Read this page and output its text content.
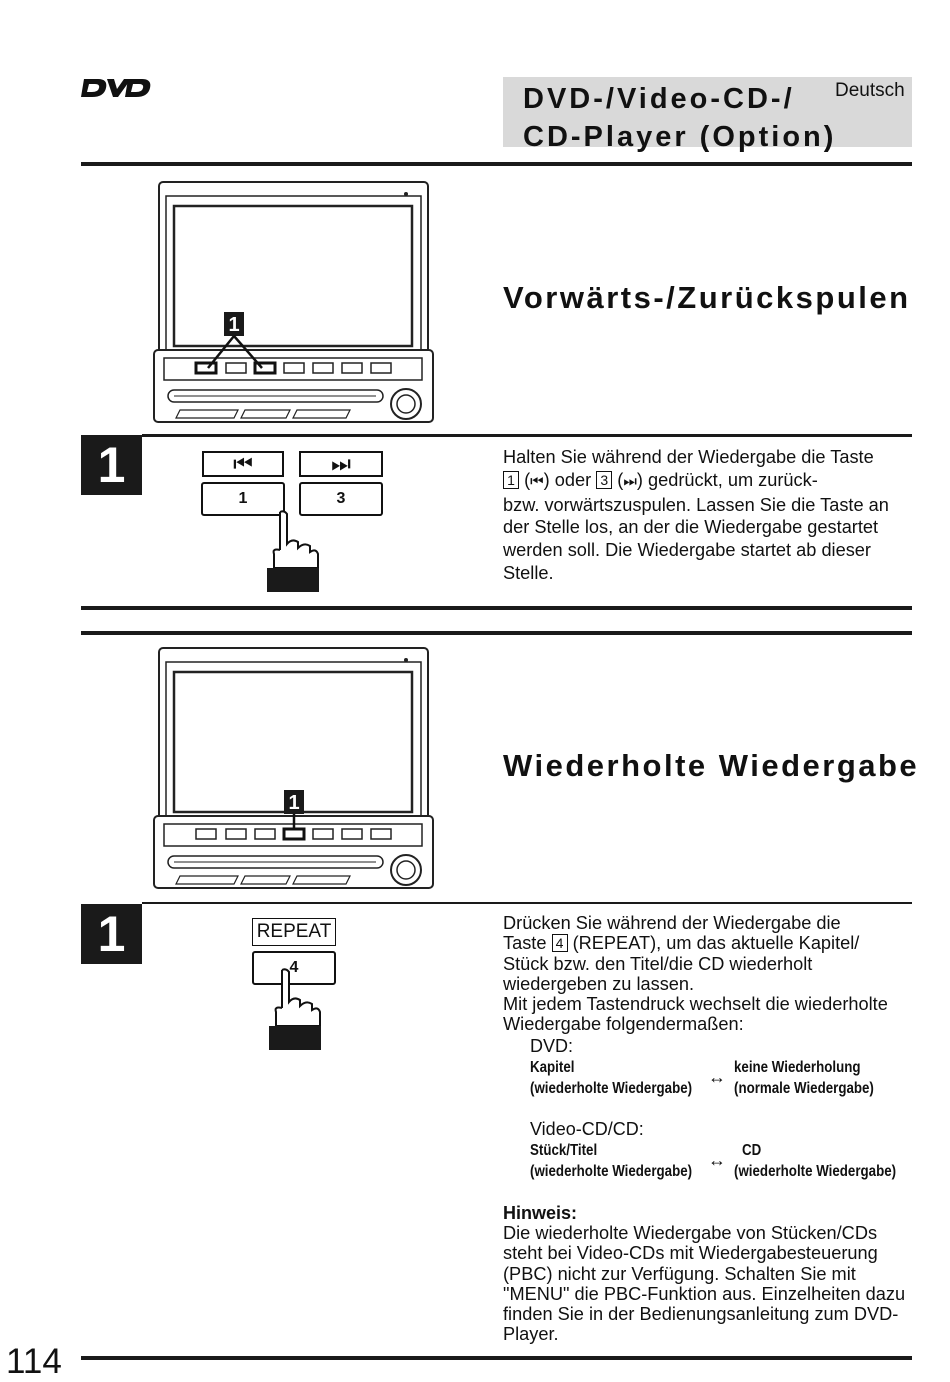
DVD	DVD-/Video-CD-/
CD-Player (Option)
Deutsch
1
Vorwärts-/Zurückspulen
1	⏮	⏭
1	3
Halten Sie während der Wiedergabe die Taste
1 (⏮) oder 3 (⏭) gedrückt, um zurück-
bzw. vorwärtszuspulen. Lassen Sie die Taste an der Stelle los, an der die Wiedergabe gestartet werden soll. Die Wiedergabe startet ab dieser Stelle.
1
Wiederholte Wiedergabe
1	REPEAT
4
Drücken Sie während der Wiedergabe die
Taste 4 (REPEAT), um das aktuelle Kapitel/
Stück bzw. den Titel/die CD wiederholt wiedergeben zu lassen.
Mit jedem Tastendruck wechselt die wiederholte Wiedergabe folgendermaßen:
DVD:
Kapitel
(wiederholte Wiedergabe)
↔ keine Wiederholung
(normale Wiedergabe)
Video-CD/CD:
Stück/Titel
(wiederholte Wiedergabe)
↔ CD
(wiederholte Wiedergabe)
Hinweis:
Die wiederholte Wiedergabe von Stücken/CDs steht bei Video-CDs mit Wiedergabesteuerung (PBC) nicht zur Verfügung. Schalten Sie mit "MENU" die PBC-Funktion aus. Einzelheiten dazu finden Sie in der Bedienungsanleitung zum DVD-Player.
114
